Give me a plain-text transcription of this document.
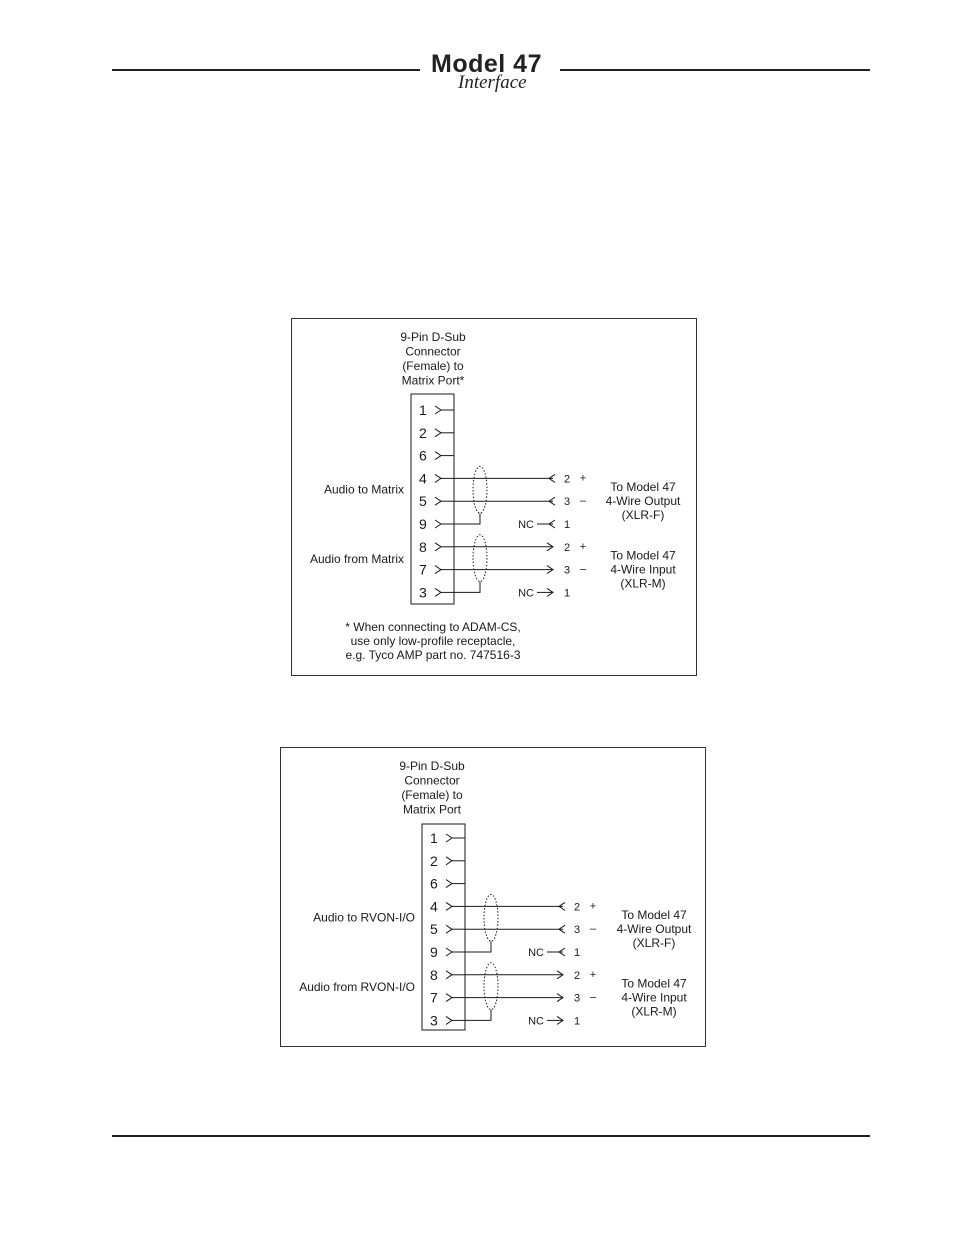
Model 47
Interface
9-Pin D-Sub
Connector
(Female) to
Matrix Port*
1
2
6
4
5
9
8
7
3
Audio to Matrix
Audio from Matrix
2 +
3 –
NC	1
To Model 47
4-Wire Output
(XLR-F)
2 +
3 –
NC	1
To Model 47
4-Wire Input
(XLR-M)
* When connecting to ADAM-CS,
use only low-profile receptacle,
e.g. Tyco AMP part no. 747516-3
9-Pin D-Sub
Connector
(Female) to
Matrix Port
1
2
6
4
5
9
8
7
3
Audio to RVON-I/O
Audio from RVON-I/O
2 +
3 –
NC	1
To Model 47
4-Wire Output
(XLR-F)
2 +
3 –
NC	1
To Model 47
4-Wire Input
(XLR-M)
